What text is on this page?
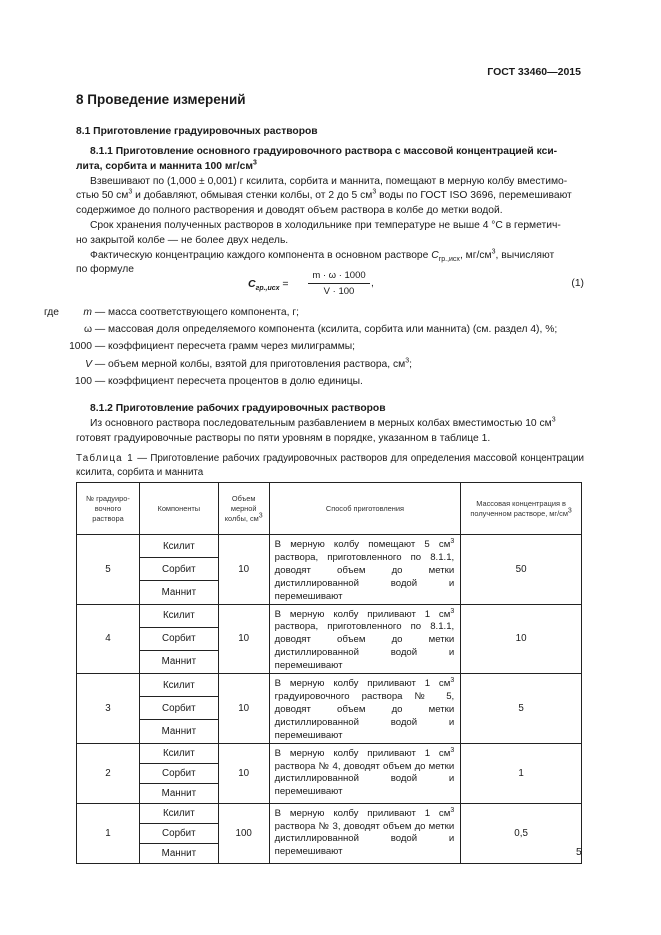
ГОСТ 33460—2015
8 Проведение измерений
8.1 Приготовление градуировочных растворов
8.1.1 Приготовление основного градуировочного раствора с массовой концентрацией кси-
лита, сорбита и маннита 100 $мг/см^3$
Взвешивают по (1,000 ± 0,001) г ксилита, сорбита и маннита, помещают в мерную колбу вместимо-
стью 50 $см^3$ и добавляют, обмывая стенки колбы, от 2 до 5 $см^3$ воды по ГОСТ ISO 3696, перемешивают
содержимое до полного растворения и доводят объем раствора в колбе до метки водой.
Срок хранения полученных растворов в холодильнике при температуре не выше 4 °С в герметич-
но закрытой колбе — не более двух недель.
Фактическую концентрацию каждого компонента в основном растворе $С_{гр.,исх}$, $мг/см^3$, вычисляют
по формуле
$С_{гр.,исх} = \frac{m \cdot \omega \cdot 1000}{V \cdot 100}$ ,	(1)
где	m — масса соответствующего компонента, г;
ω — массовая доля определяемого компонента (ксилита, сорбита или маннита) (см. раздел 4), %;
1000 — коэффициент пересчета грамм через милиграммы;
V — объем мерной колбы, взятой для приготовления раствора, $см^3$;
100 — коэффициент пересчета процентов в долю единицы.
8.1.2 Приготовление рабочих градуировочных растворов
Из основного раствора последовательным разбавлением в мерных колбах вместимостью 10 $см^3$
готовят градуировочные растворы по пяти уровням в порядке, указанном в таблице 1.
Таблица 1 — Приготовление рабочих градуировочных растворов для определения массовой концентрации ксилита, сорбита и маннита
№ градуиро- вочного раствора	Компоненты	Объем мерной колбы, $см^3$	Способ приготовления	Массовая концентрация в полученном растворе, $мг/см^3$
5	Ксилит	10	В мерную колбу помещают 5 $см^3$ раствора, приготовленного по 8.1.1, доводят объем до метки дистиллированной водой и перемешивают	50
	Сорбит			
	Маннит			
4	Ксилит	10	В мерную колбу приливают 1 $см^3$ раствора, приготовленного по 8.1.1, доводят объем до метки дистиллированной водой и перемешивают	10
	Сорбит			
	Маннит			
3	Ксилит	10	В мерную колбу приливают 1 $см^3$ градуировочного раствора № 5, доводят объем до метки дистиллированной водой и перемешивают	5
	Сорбит			
	Маннит			
2	Ксилит	10	В мерную колбу приливают 1 $см^3$ раствора № 4, доводят объем до метки дистиллированной водой и перемешивают	1
	Сорбит			
	Маннит			
1	Ксилит	100	В мерную колбу приливают 1 $см^3$ раствора № 3, доводят объем до метки дистиллированной водой и перемешивают	0,5
	Сорбит			
	Маннит				5
